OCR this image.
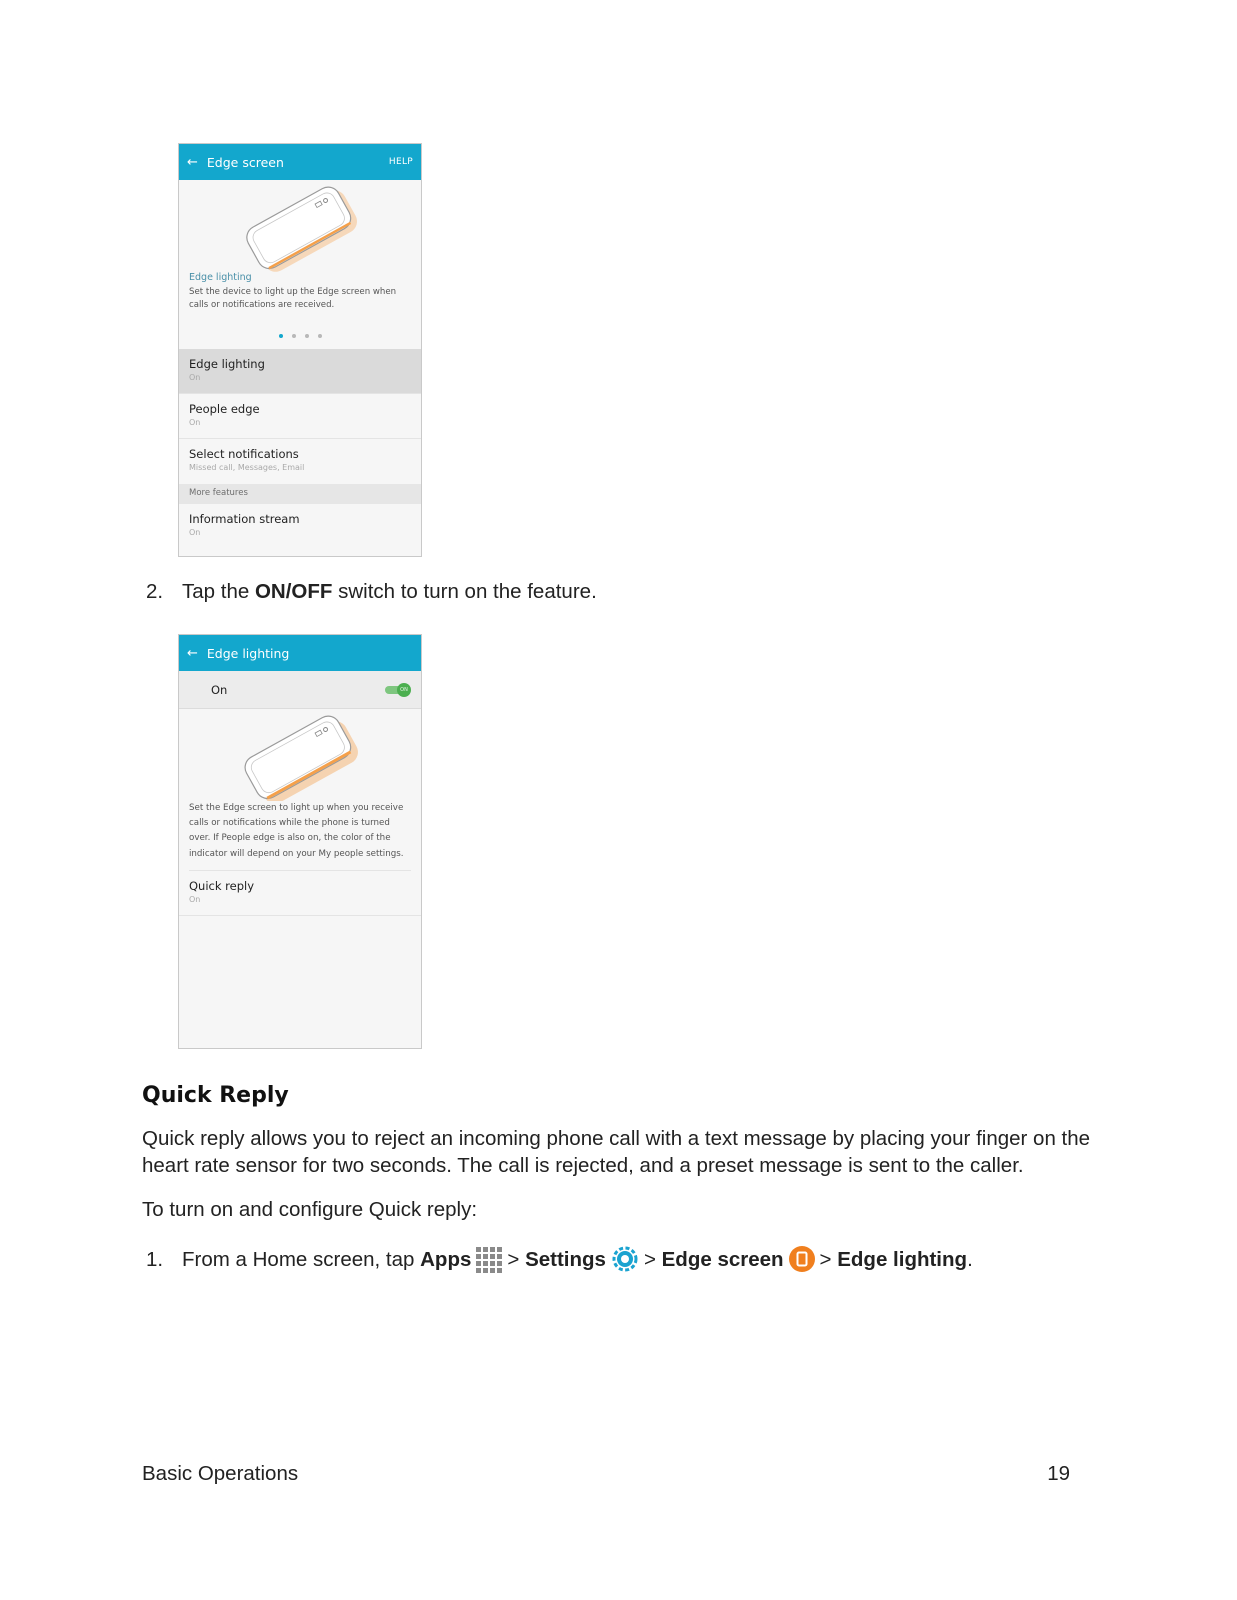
← Edge screen	HELP
Edge lighting
Set the device to light up the Edge screen when calls or notifications are received.
Edge lighting
On
People edge
On
Select notifications
Missed call, Messages, Email
More features
Information stream
On
2. Tap the ON/OFF switch to turn on the feature.
← Edge lighting
On	ON
Set the Edge screen to light up when you receive calls or notifications while the phone is turned over. If People edge is also on, the color of the indicator will depend on your My people settings.
Quick reply
On
Quick Reply
Quick reply allows you to reject an incoming phone call with a text message by placing your finger on the heart rate sensor for two seconds. The call is rejected, and a preset message is sent to the caller.
To turn on and configure Quick reply:
1. From a Home screen, tap Apps >
Settings >
Edge screen >
Edge lighting .
Basic Operations	19
